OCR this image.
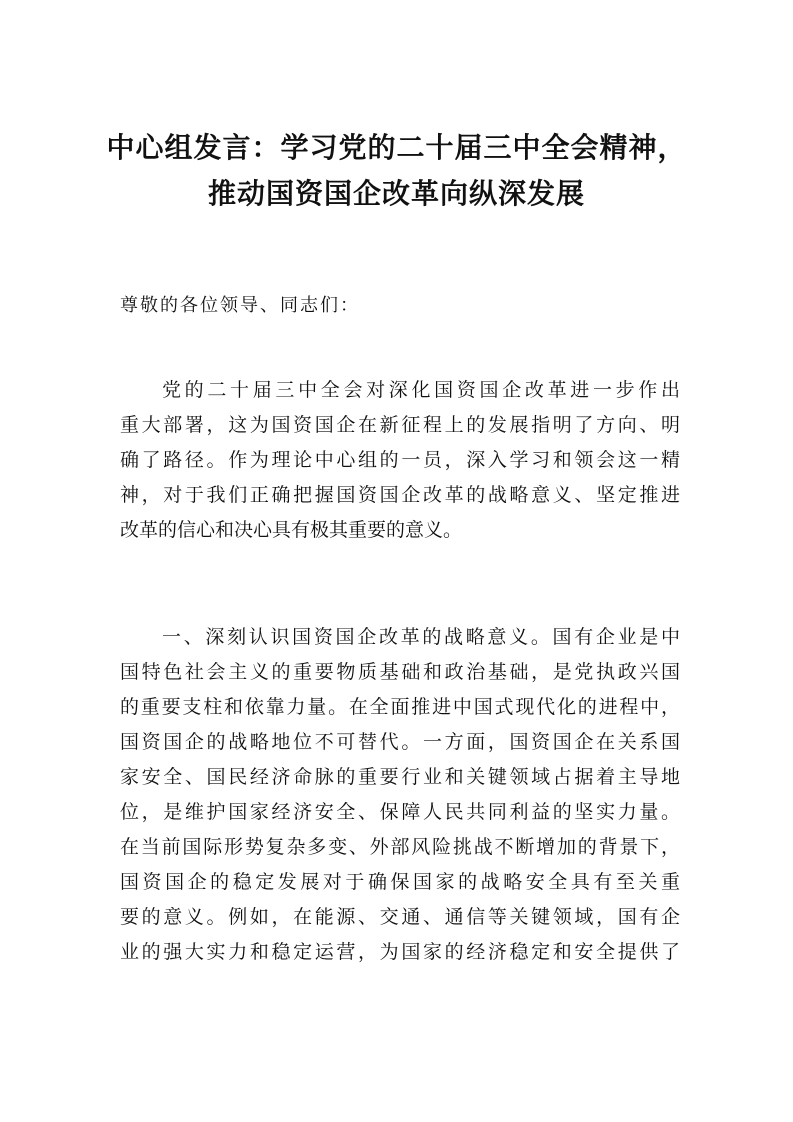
中心组发言：学习党的二十届三中全会精神，
推动国资国企改革向纵深发展
尊敬的各位领导、同志们：
党的二十届三中全会对深化国资国企改革进一步作出
重大部署，这为国资国企在新征程上的发展指明了方向、明
确了路径。作为理论中心组的一员，深入学习和领会这一精
神，对于我们正确把握国资国企改革的战略意义、坚定推进
改革的信心和决心具有极其重要的意义。
一、深刻认识国资国企改革的战略意义。国有企业是中
国特色社会主义的重要物质基础和政治基础，是党执政兴国
的重要支柱和依靠力量。在全面推进中国式现代化的进程中，
国资国企的战略地位不可替代。一方面，国资国企在关系国
家安全、国民经济命脉的重要行业和关键领域占据着主导地
位，是维护国家经济安全、保障人民共同利益的坚实力量。
在当前国际形势复杂多变、外部风险挑战不断增加的背景下，
国资国企的稳定发展对于确保国家的战略安全具有至关重
要的意义。例如，在能源、交通、通信等关键领域，国有企
业的强大实力和稳定运营，为国家的经济稳定和安全提供了
